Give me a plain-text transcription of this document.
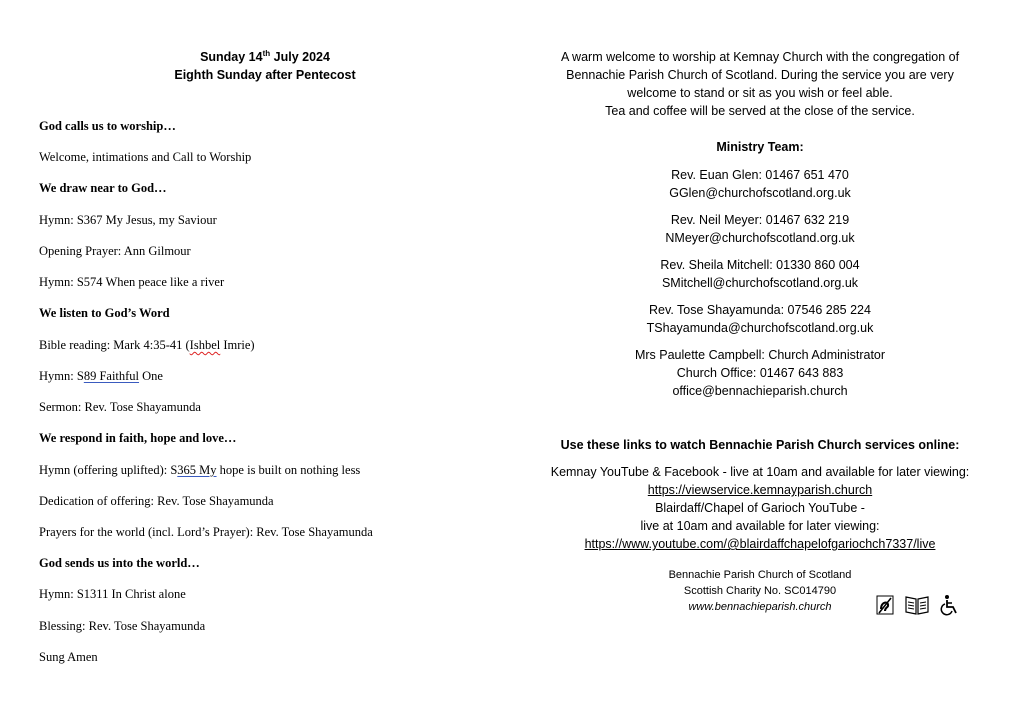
Sunday 14th July 2024
Eighth Sunday after Pentecost
God calls us to worship…
Welcome, intimations and Call to Worship
We draw near to God…
Hymn: S367 My Jesus, my Saviour
Opening Prayer: Ann Gilmour
Hymn: S574 When peace like a river
We listen to God’s Word
Bible reading: Mark 4:35-41 (Ishbel Imrie)
Hymn: S89 Faithful One
Sermon: Rev. Tose Shayamunda
We respond in faith, hope and love…
Hymn (offering uplifted): S365 My hope is built on nothing less
Dedication of offering: Rev. Tose Shayamunda
Prayers for the world (incl. Lord’s Prayer): Rev. Tose Shayamunda
God sends us into the world…
Hymn: S1311 In Christ alone
Blessing: Rev. Tose Shayamunda
Sung Amen

A warm welcome to worship at Kemnay Church with the congregation of
Bennachie Parish Church of Scotland. During the service you are very
welcome to stand or sit as you wish or feel able.
Tea and coffee will be served at the close of the service.

Ministry Team:

Rev. Euan Glen: 01467 651 470
GGlen@churchofscotland.org.uk

Rev. Neil Meyer: 01467 632 219
NMeyer@churchofscotland.org.uk

Rev. Sheila Mitchell: 01330 860 004
SMitchell@churchofscotland.org.uk

Rev. Tose Shayamunda: 07546 285 224
TShayamunda@churchofscotland.org.uk

Mrs Paulette Campbell: Church Administrator
Church Office: 01467 643 883
office@bennachieparish.church

Use these links to watch Bennachie Parish Church services online:

Kemnay YouTube & Facebook - live at 10am and available for later viewing:
https://viewservice.kemnayparish.church
Blairdaff/Chapel of Garioch YouTube -
live at 10am and available for later viewing:
https://www.youtube.com/@blairdaffchapelofgariochch7337/live

Bennachie Parish Church of Scotland
Scottish Charity No. SC014790
www.bennachieparish.church
